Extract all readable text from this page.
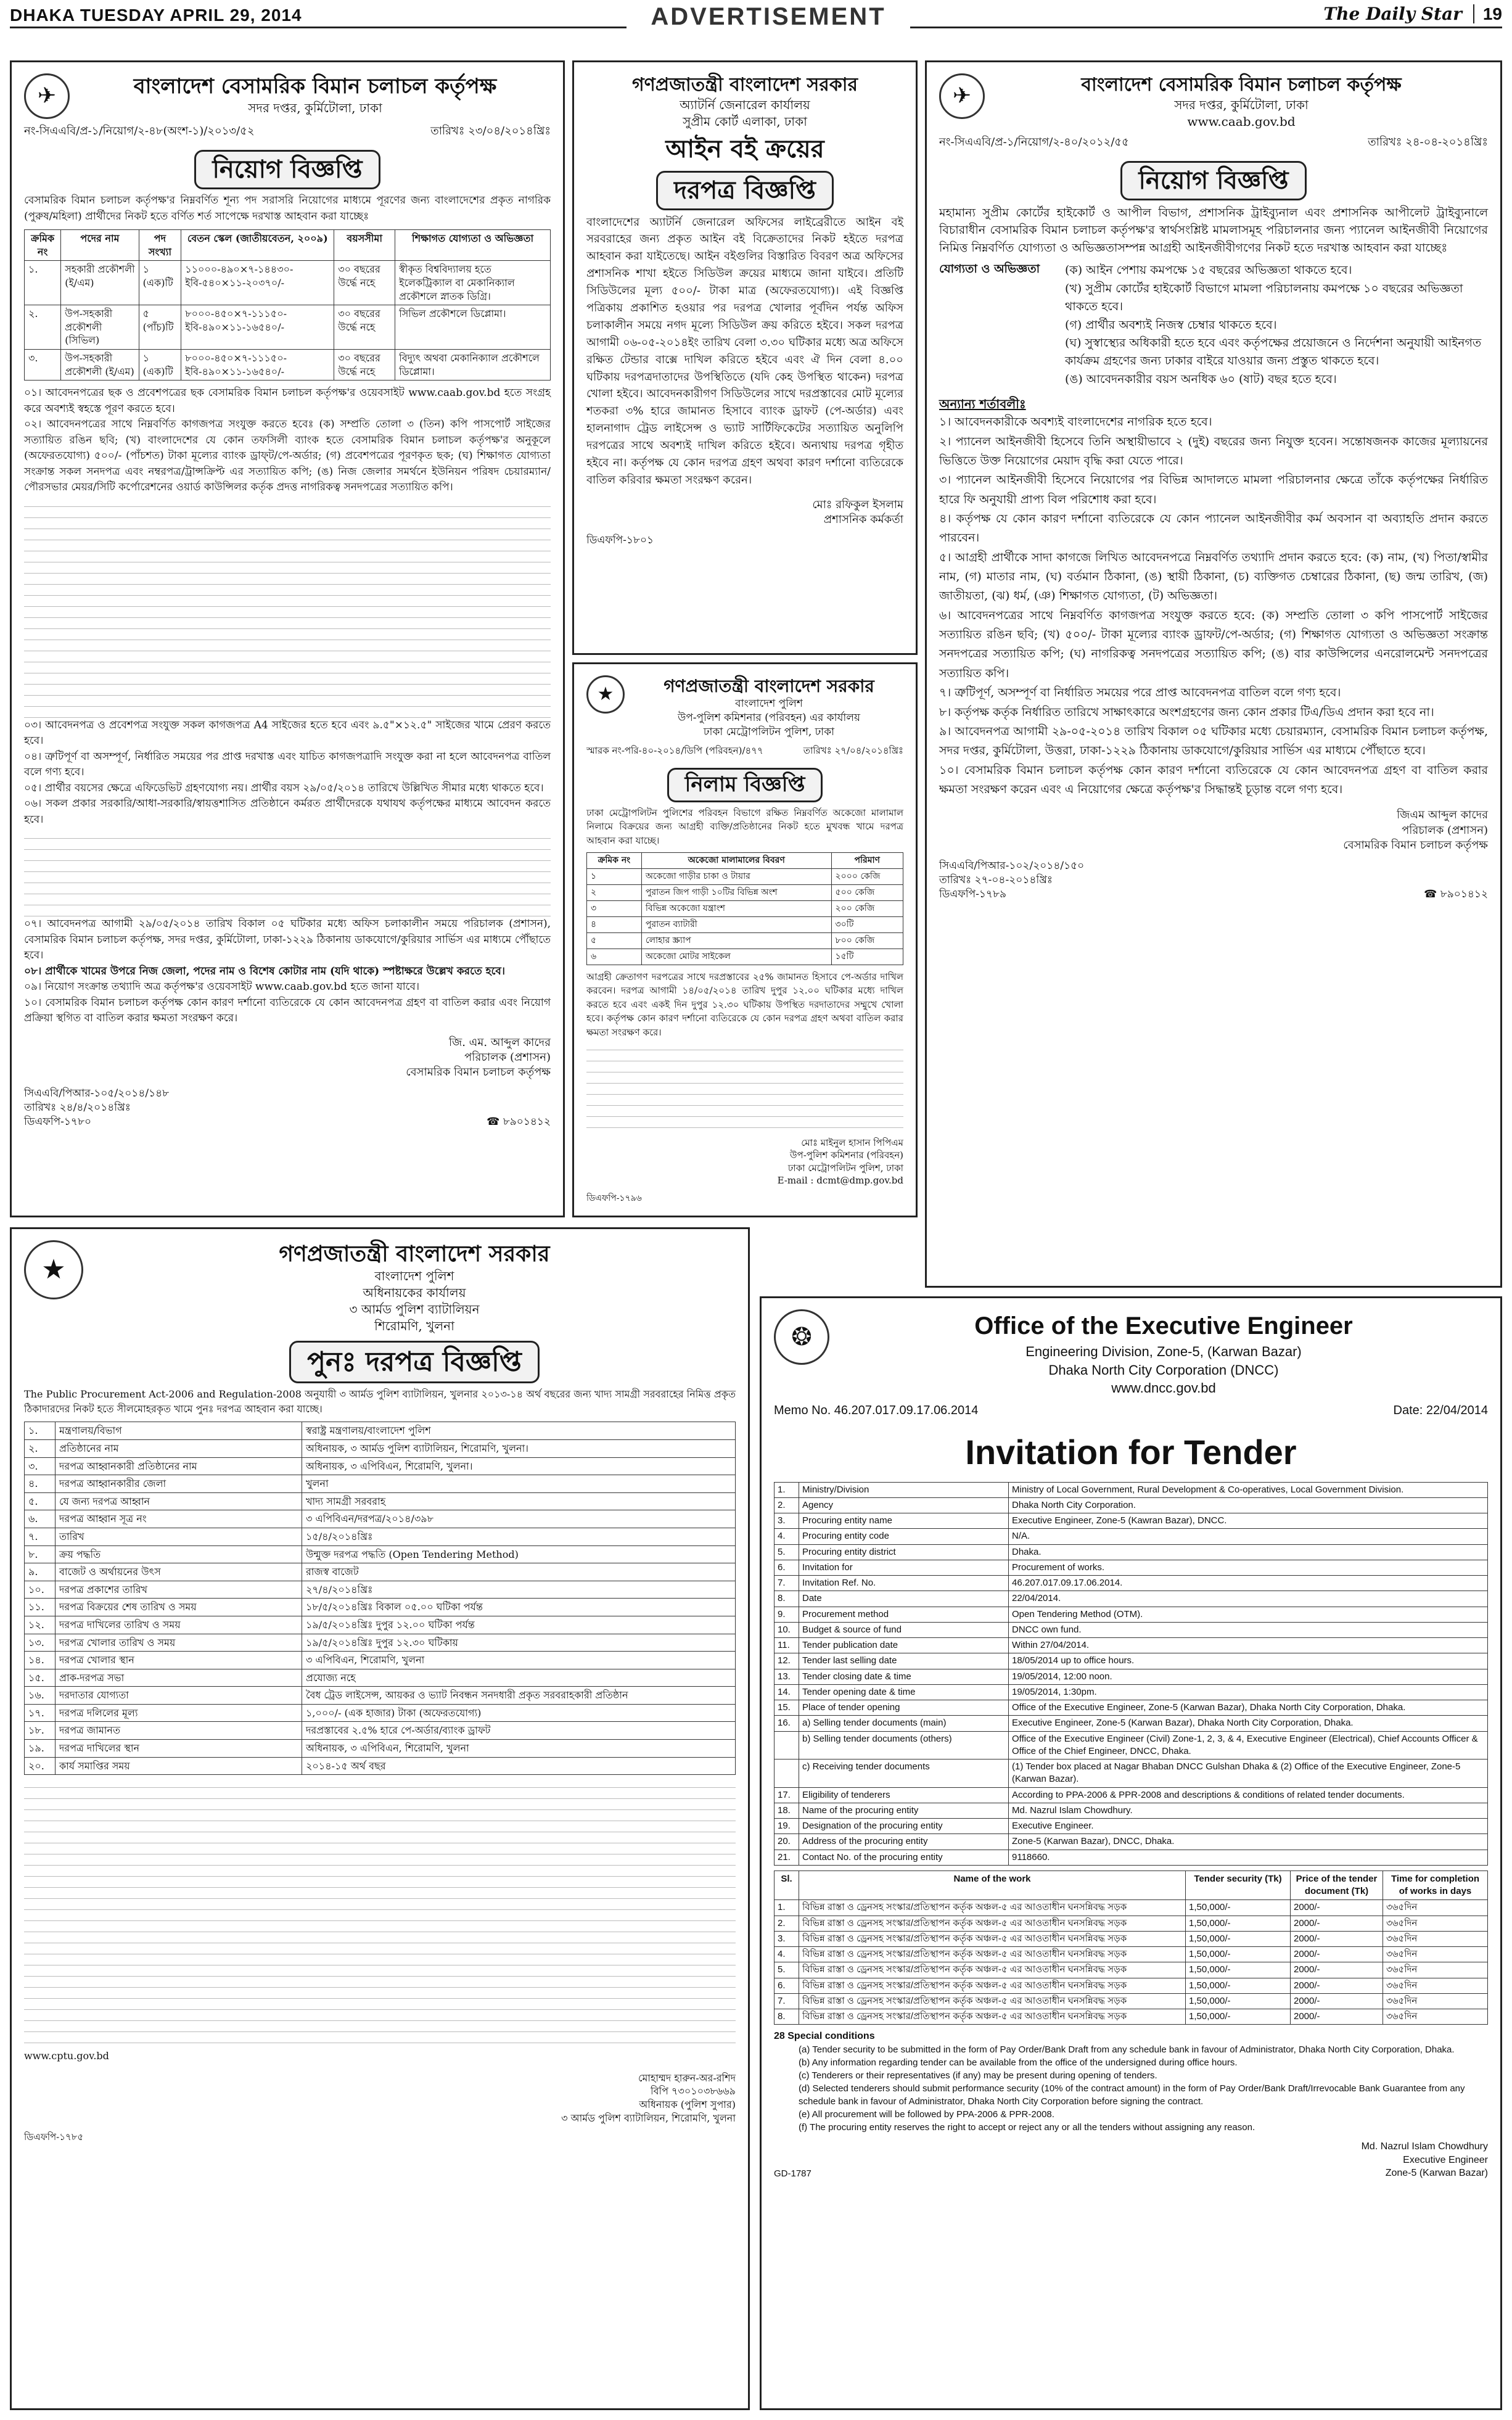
DHAKA TUESDAY APRIL 29, 2014	ADVERTISEMENT	The Daily Star 19
✈	বাংলাদেশ বেসামরিক বিমান চলাচল কর্তৃপক্ষ
সদর দপ্তর, কুর্মিটোলা, ঢাকা
নং-সিএএবি/প্র-১/নিয়োগ/২-৪৮(অংশ-১)/২০১৩/৫২	তারিখঃ ২৩/০৪/২০১৪খ্রিঃ
নিয়োগ বিজ্ঞপ্তি

বেসামরিক বিমান চলাচল কর্তৃপক্ষ'র নিম্নবর্ণিত শূন্য পদ সরাসরি নিয়োগের মাধ্যমে পূরণের জন্য বাংলাদেশের প্রকৃত নাগরিক (পুরুষ/মহিলা) প্রার্থীদের নিকট হতে বর্ণিত শর্ত সাপেক্ষে দরখাস্ত আহবান করা যাচ্ছেঃ

ক্রমিক নং	পদের নাম	পদ সংখ্যা	বেতন স্কেল (জাতীয়বেতন, ২০০৯)	বয়সসীমা	শিক্ষাগত যোগ্যতা ও অভিজ্ঞতা
১.	সহকারী প্রকৌশলী (ই/এম)	১ (এক)টি	১১০০০-৪৯০×৭-১৪৪৩০-ইবি-৫৪০×১১-২০৩৭০/-	৩০ বছরের উর্দ্ধে নহে	স্বীকৃত বিশ্ববিদ্যালয় হতে ইলেকট্রিক্যাল বা মেকানিক্যাল প্রকৌশলে স্নাতক ডিগ্রি।
২.	উপ-সহকারী প্রকৌশলী (সিভিল)	৫ (পাঁচ)টি	৮০০০-৪৫০×৭-১১১৫০-ইবি-৪৯০×১১-১৬৫৪০/-	৩০ বছরের উর্দ্ধে নহে	সিভিল প্রকৌশলে ডিপ্লোমা।
৩.	উপ-সহকারী প্রকৌশলী (ই/এম)	১ (এক)টি	৮০০০-৪৫০×৭-১১১৫০-ইবি-৪৯০×১১-১৬৫৪০/-	৩০ বছরের উর্দ্ধে নহে	বিদ্যুৎ অথবা মেকানিক্যাল প্রকৌশলে ডিপ্লোমা।

০১। আবেদনপত্রের ছক ও প্রবেশপত্রের ছক বেসামরিক বিমান চলাচল কর্তৃপক্ষ'র ওয়েবসাইট www.caab.gov.bd হতে সংগ্রহ করে অবশ্যই স্বহস্তে পূরণ করতে হবে।

০২। আবেদনপত্রের সাথে নিম্নবর্ণিত কাগজপত্র সংযুক্ত করতে হবেঃ (ক) সম্প্রতি তোলা ৩ (তিন) কপি পাসপোর্ট সাইজের সত্যায়িত রঙিন ছবি; (খ) বাংলাদেশের যে কোন তফসিলী ব্যাংক হতে বেসামরিক বিমান চলাচল কর্তৃপক্ষ'র অনুকূলে (অফেরতযোগ্য) ৫০০/- (পাঁচশত) টাকা মূল্যের ব্যাংক ড্রাফ্‌ট/পে-অর্ডার; (গ) প্রবেশপত্রের পূরণকৃত ছক; (ঘ) শিক্ষাগত যোগ্যতা সংক্রান্ত সকল সনদপত্র এবং নম্বরপত্র/ট্রান্সক্রিপ্ট এর সত্যায়িত কপি; (ঙ) নিজ জেলার সমর্থনে ইউনিয়ন পরিষদ চেয়ারম্যান/পৌরসভার মেয়র/সিটি কর্পোরেশনের ওয়ার্ড কাউন্সিলর কর্তৃক প্রদত্ত নাগরিকত্ব সনদপত্রের সত্যায়িত কপি।

০৩। আবেদনপত্র ও প্রবেশপত্র সংযুক্ত সকল কাগজপত্র A4 সাইজের হতে হবে এবং ৯.৫"×১২.৫" সাইজের খামে প্রেরণ করতে হবে।

০৪। ত্রুটিপূর্ণ বা অসম্পূর্ণ, নির্ধারিত সময়ের পর প্রাপ্ত দরখাস্ত এবং যাচিত কাগজপত্রাদি সংযুক্ত করা না হলে আবেদনপত্র বাতিল বলে গণ্য হবে।

০৫। প্রার্থীর বয়সের ক্ষেত্রে এফিডেভিট গ্রহণযোগ্য নয়। প্রার্থীর বয়স ২৯/০৫/২০১৪ তারিখে উল্লিখিত সীমার মধ্যে থাকতে হবে।

০৬। সকল প্রকার সরকারি/আধা-সরকারি/স্বায়ত্তশাসিত প্রতিষ্ঠানে কর্মরত প্রার্থীদেরকে যথাযথ কর্তৃপক্ষের মাধ্যমে আবেদন করতে হবে।

০৭। আবেদনপত্র আগামী ২৯/০৫/২০১৪ তারিখ বিকাল ০৫ ঘটিকার মধ্যে অফিস চলাকালীন সময়ে পরিচালক (প্রশাসন), বেসামরিক বিমান চলাচল কর্তৃপক্ষ, সদর দপ্তর, কুর্মিটোলা, ঢাকা-১২২৯ ঠিকানায় ডাকযোগে/কুরিয়ার সার্ভিস এর মাধ্যমে পৌঁছাতে হবে।

০৮। প্রার্থীকে খামের উপরে নিজ জেলা, পদের নাম ও বিশেষ কোটার নাম (যদি থাকে) স্পষ্টাক্ষরে উল্লেখ করতে হবে।

০৯। নিয়োগ সংক্রান্ত তথ্যাদি অত্র কর্তৃপক্ষ'র ওয়েবসাইট www.caab.gov.bd হতে জানা যাবে।

১০। বেসামরিক বিমান চলাচল কর্তৃপক্ষ কোন কারণ দর্শানো ব্যতিরেকে যে কোন আবেদনপত্র গ্রহণ বা বাতিল করার এবং নিয়োগ প্রক্রিয়া স্থগিত বা বাতিল করার ক্ষমতা সংরক্ষণ করে।

জি. এম. আব্দুল কাদের
পরিচালক (প্রশাসন)
বেসামরিক বিমান চলাচল কর্তৃপক্ষ
সিএএবি/পিআর-১০৫/২০১৪/১৪৮
তারিখঃ ২৪/৪/২০১৪খ্রিঃ
ডিএফপি-১৭৮০	☎ ৮৯০১৪১২
গণপ্রজাতন্ত্রী বাংলাদেশ সরকার
অ্যাটর্নি জেনারেল কার্যালয়
সুপ্রীম কোর্ট এলাকা, ঢাকা
আইন বই ক্রয়ের
দরপত্র বিজ্ঞপ্তি

বাংলাদেশের অ্যাটর্নি জেনারেল অফিসের লাইব্রেরীতে আইন বই সরবরাহের জন্য প্রকৃত আইন বই বিক্রেতাদের নিকট হইতে দরপত্র আহবান করা যাইতেছে। আইন বইগুলির বিস্তারিত বিবরণ অত্র অফিসের প্রশাসনিক শাখা হইতে সিডিউল ক্রয়ের মাধ্যমে জানা যাইবে। প্রতিটি সিডিউলের মূল্য ৫০০/- টাকা মাত্র (অফেরতযোগ্য)। এই বিজ্ঞপ্তি পত্রিকায় প্রকাশিত হওয়ার পর দরপত্র খোলার পূর্বদিন পর্যন্ত অফিস চলাকালীন সময়ে নগদ মূল্যে সিডিউল ক্রয় করিতে হইবে। সকল দরপত্র আগামী ০৬-০৫-২০১৪ইং তারিখ বেলা ৩.৩০ ঘটিকার মধ্যে অত্র অফিসে রক্ষিত টেন্ডার বাক্সে দাখিল করিতে হইবে এবং ঐ দিন বেলা ৪.০০ ঘটিকায় দরপত্রদাতাদের উপস্থিতিতে (যদি কেহ উপস্থিত থাকেন) দরপত্র খোলা হইবে। আবেদনকারীগণ সিডিউলের সাথে দরপ্রস্তাবের মোট মূল্যের শতকরা ৩% হারে জামানত হিসাবে ব্যাংক ড্রাফট (পে-অর্ডার) এবং হালনাগাদ ট্রেড লাইসেন্স ও ভ্যাট সার্টিফিকেটের সত্যায়িত অনুলিপি দরপত্রের সাথে অবশ্যই দাখিল করিতে হইবে। অন্যথায় দরপত্র গৃহীত হইবে না। কর্তৃপক্ষ যে কোন দরপত্র গ্রহণ অথবা কারণ দর্শানো ব্যতিরেকে বাতিল করিবার ক্ষমতা সংরক্ষণ করেন।

মোঃ রফিকুল ইসলাম
প্রশাসনিক কর্মকর্তা
ডিএফপি-১৮০১
★	গণপ্রজাতন্ত্রী বাংলাদেশ সরকার
বাংলাদেশ পুলিশ
উপ-পুলিশ কমিশনার (পরিবহন) এর কার্যালয়
ঢাকা মেট্রোপলিটন পুলিশ, ঢাকা
স্মারক নং-পরি-৪০-২০১৪/ডিপি (পরিবহন)/৪৭৭	তারিখঃ ২৭/০৪/২০১৪খ্রিঃ
নিলাম বিজ্ঞপ্তি

ঢাকা মেট্রোপলিটন পুলিশের পরিবহন বিভাগে রক্ষিত নিম্নবর্ণিত অকেজো মালামাল নিলামে বিক্রয়ের জন্য আগ্রহী ব্যক্তি/প্রতিষ্ঠানের নিকট হতে মুখবন্ধ খামে দরপত্র আহবান করা যাচ্ছে।

ক্রমিক নং	অকেজো মালামালের বিবরণ	পরিমাণ
১	অকেজো গাড়ীর চাকা ও টায়ার	২০০০ কেজি
২	পুরাতন জিপ গাড়ী ১০টির বিভিন্ন অংশ	৫০০ কেজি
৩	বিভিন্ন অকেজো যন্ত্রাংশ	২০০ কেজি
৪	পুরাতন ব্যাটারী	৩০টি
৫	লোহার স্ক্র্যাপ	৮০০ কেজি
৬	অকেজো মোটর সাইকেল	১৫টি

আগ্রহী ক্রেতাগণ দরপত্রের সাথে দরপ্রস্তাবের ২৫% জামানত হিসাবে পে-অর্ডার দাখিল করবেন। দরপত্র আগামী ১৪/০৫/২০১৪ তারিখ দুপুর ১২.০০ ঘটিকার মধ্যে দাখিল করতে হবে এবং একই দিন দুপুর ১২.৩০ ঘটিকায় উপস্থিত দরদাতাদের সম্মুখে খোলা হবে। কর্তৃপক্ষ কোন কারণ দর্শানো ব্যতিরেকে যে কোন দরপত্র গ্রহণ অথবা বাতিল করার ক্ষমতা সংরক্ষণ করে।

মোঃ মাইনুল হাসান পিপিএম
উপ-পুলিশ কমিশনার (পরিবহন)
ঢাকা মেট্রোপলিটন পুলিশ, ঢাকা
E-mail : dcmt@dmp.gov.bd
ডিএফপি-১৭৯৬
✈	বাংলাদেশ বেসামরিক বিমান চলাচল কর্তৃপক্ষ
সদর দপ্তর, কুর্মিটোলা, ঢাকা
www.caab.gov.bd
নং-সিএএবি/প্র-১/নিয়োগ/২-৪০/২০১২/৫৫	তারিখঃ ২৪-০৪-২০১৪খ্রিঃ
নিয়োগ বিজ্ঞপ্তি

মহামান্য সুপ্রীম কোর্টের হাইকোর্ট ও আপীল বিভাগ, প্রশাসনিক ট্রাইব্যুনাল এবং প্রশাসনিক আপীলেট ট্রাইব্যুনালে বিচারাধীন বেসামরিক বিমান চলাচল কর্তৃপক্ষ'র স্বার্থসংশ্লিষ্ট মামলাসমূহ পরিচালনার জন্য প্যানেল আইনজীবী নিয়োগের নিমিত্ত নিম্নবর্ণিত যোগ্যতা ও অভিজ্ঞতাসম্পন্ন আগ্রহী আইনজীবীগণের নিকট হতে দরখাস্ত আহবান করা যাচ্ছেঃ

যোগ্যতা ও অভিজ্ঞতা	(ক) আইন পেশায় কমপক্ষে ১৫ বছরের অভিজ্ঞতা থাকতে হবে।
(খ) সুপ্রীম কোর্টের হাইকোর্ট বিভাগে মামলা পরিচালনায় কমপক্ষে ১০ বছরের অভিজ্ঞতা থাকতে হবে।
(গ) প্রার্থীর অবশ্যই নিজস্ব চেম্বার থাকতে হবে।
(ঘ) সুস্বাস্থ্যের অধিকারী হতে হবে এবং কর্তৃপক্ষের প্রয়োজনে ও নির্দেশনা অনুযায়ী আইনগত কার্যক্রম গ্রহণের জন্য ঢাকার বাইরে যাওয়ার জন্য প্রস্তুত থাকতে হবে।
(ঙ) আবেদনকারীর বয়স অনধিক ৬০ (ষাট) বছর হতে হবে।
অন্যান্য শর্তাবলীঃ

১। আবেদনকারীকে অবশ্যই বাংলাদেশের নাগরিক হতে হবে।

২। প্যানেল আইনজীবী হিসেবে তিনি অস্থায়ীভাবে ২ (দুই) বছরের জন্য নিযুক্ত হবেন। সন্তোষজনক কাজের মূল্যায়নের ভিত্তিতে উক্ত নিয়োগের মেয়াদ বৃদ্ধি করা যেতে পারে।

৩। প্যানেল আইনজীবী হিসেবে নিয়োগের পর বিভিন্ন আদালতে মামলা পরিচালনার ক্ষেত্রে তাঁকে কর্তৃপক্ষের নির্ধারিত হারে ফি অনুযায়ী প্রাপ্য বিল পরিশোধ করা হবে।

৪। কর্তৃপক্ষ যে কোন কারণ দর্শানো ব্যতিরেকে যে কোন প্যানেল আইনজীবীর কর্ম অবসান বা অব্যাহতি প্রদান করতে পারবেন।

৫। আগ্রহী প্রার্থীকে সাদা কাগজে লিখিত আবেদনপত্রে নিম্নবর্ণিত তথ্যাদি প্রদান করতে হবে: (ক) নাম, (খ) পিতা/স্বামীর নাম, (গ) মাতার নাম, (ঘ) বর্তমান ঠিকানা, (ঙ) স্থায়ী ঠিকানা, (চ) ব্যক্তিগত চেম্বারের ঠিকানা, (ছ) জন্ম তারিখ, (জ) জাতীয়তা, (ঝ) ধর্ম, (ঞ) শিক্ষাগত যোগ্যতা, (ট) অভিজ্ঞতা।

৬। আবেদনপত্রের সাথে নিম্নবর্ণিত কাগজপত্র সংযুক্ত করতে হবে: (ক) সম্প্রতি তোলা ৩ কপি পাসপোর্ট সাইজের সত্যায়িত রঙিন ছবি; (খ) ৫০০/- টাকা মূল্যের ব্যাংক ড্রাফট/পে-অর্ডার; (গ) শিক্ষাগত যোগ্যতা ও অভিজ্ঞতা সংক্রান্ত সনদপত্রের সত্যায়িত কপি; (ঘ) নাগরিকত্ব সনদপত্রের সত্যায়িত কপি; (ঙ) বার কাউন্সিলের এনরোলমেন্ট সনদপত্রের সত্যায়িত কপি।

৭। ত্রুটিপূর্ণ, অসম্পূর্ণ বা নির্ধারিত সময়ের পরে প্রাপ্ত আবেদনপত্র বাতিল বলে গণ্য হবে।

৮। কর্তৃপক্ষ কর্তৃক নির্ধারিত তারিখে সাক্ষাৎকারে অংশগ্রহণের জন্য কোন প্রকার টিএ/ডিএ প্রদান করা হবে না।

৯। আবেদনপত্র আগামী ২৯-০৫-২০১৪ তারিখ বিকাল ০৫ ঘটিকার মধ্যে চেয়ারম্যান, বেসামরিক বিমান চলাচল কর্তৃপক্ষ, সদর দপ্তর, কুর্মিটোলা, উত্তরা, ঢাকা-১২২৯ ঠিকানায় ডাকযোগে/কুরিয়ার সার্ভিস এর মাধ্যমে পৌঁছাতে হবে।

১০। বেসামরিক বিমান চলাচল কর্তৃপক্ষ কোন কারণ দর্শানো ব্যতিরেকে যে কোন আবেদনপত্র গ্রহণ বা বাতিল করার ক্ষমতা সংরক্ষণ করেন এবং এ নিয়োগের ক্ষেত্রে কর্তৃপক্ষ'র সিদ্ধান্তই চূড়ান্ত বলে গণ্য হবে।

জিএম আব্দুল কাদের
পরিচালক (প্রশাসন)
বেসামরিক বিমান চলাচল কর্তৃপক্ষ
সিএএবি/পিআর-১০২/২০১৪/১৫০
তারিখঃ ২৭-০৪-২০১৪খ্রিঃ
ডিএফপি-১৭৮৯	☎ ৮৯০১৪১২
★
গণপ্রজাতন্ত্রী বাংলাদেশ সরকার
বাংলাদেশ পুলিশ
অধিনায়কের কার্যালয়
৩ আর্মড পুলিশ ব্যাটালিয়ন
শিরোমণি, খুলনা
পুনঃ দরপত্র বিজ্ঞপ্তি

The Public Procurement Act-2006 and Regulation-2008 অনুযায়ী ৩ আর্মড পুলিশ ব্যাটালিয়ন, খুলনার ২০১৩-১৪ অর্থ বছরের জন্য খাদ্য সামগ্রী সরবরাহের নিমিত্ত প্রকৃত ঠিকাদারদের নিকট হতে সীলমোহরকৃত খামে পুনঃ দরপত্র আহবান করা যাচ্ছে।

১.	মন্ত্রণালয়/বিভাগ	স্বরাষ্ট্র মন্ত্রণালয়/বাংলাদেশ পুলিশ
২.	প্রতিষ্ঠানের নাম	অধিনায়ক, ৩ আর্মড পুলিশ ব্যাটালিয়ন, শিরোমণি, খুলনা।
৩.	দরপত্র আহ্বানকারী প্রতিষ্ঠানের নাম	অধিনায়ক, ৩ এপিবিএন, শিরোমণি, খুলনা।
৪.	দরপত্র আহ্বানকারীর জেলা	খুলনা
৫.	যে জন্য দরপত্র আহ্বান	খাদ্য সামগ্রী সরবরাহ
৬.	দরপত্র আহ্বান সূত্র নং	৩ এপিবিএন/দরপত্র/২০১৪/৩৯৮
৭.	তারিখ	১৫/৪/২০১৪খ্রিঃ
৮.	ক্রয় পদ্ধতি	উন্মুক্ত দরপত্র পদ্ধতি (Open Tendering Method)
৯.	বাজেট ও অর্থায়নের উৎস	রাজস্ব বাজেট
১০.	দরপত্র প্রকাশের তারিখ	২৭/৪/২০১৪খ্রিঃ
১১.	দরপত্র বিক্রয়ের শেষ তারিখ ও সময়	১৮/৫/২০১৪খ্রিঃ বিকাল ০৫.০০ ঘটিকা পর্যন্ত
১২.	দরপত্র দাখিলের তারিখ ও সময়	১৯/৫/২০১৪খ্রিঃ দুপুর ১২.০০ ঘটিকা পর্যন্ত
১৩.	দরপত্র খোলার তারিখ ও সময়	১৯/৫/২০১৪খ্রিঃ দুপুর ১২.৩০ ঘটিকায়
১৪.	দরপত্র খোলার স্থান	৩ এপিবিএন, শিরোমণি, খুলনা
১৫.	প্রাক-দরপত্র সভা	প্রযোজ্য নহে
১৬.	দরদাতার যোগ্যতা	বৈধ ট্রেড লাইসেন্স, আয়কর ও ভ্যাট নিবন্ধন সনদধারী প্রকৃত সরবরাহকারী প্রতিষ্ঠান
১৭.	দরপত্র দলিলের মূল্য	১,০০০/- (এক হাজার) টাকা (অফেরতযোগ্য)
১৮.	দরপত্র জামানত	দরপ্রস্তাবের ২.৫% হারে পে-অর্ডার/ব্যাংক ড্রাফট
১৯.	দরপত্র দাখিলের স্থান	অধিনায়ক, ৩ এপিবিএন, শিরোমণি, খুলনা
২০.	কার্য সমাপ্তির সময়	২০১৪-১৫ অর্থ বছর
www.cptu.gov.bd
মোহাম্মদ হারুন-অর-রশিদ
বিপি ৭৩০১০৩৮৬৬৯
অধিনায়ক (পুলিশ সুপার)
৩ আর্মড পুলিশ ব্যাটালিয়ন, শিরোমণি, খুলনা
ডিএফপি-১৭৮৫
❂	Office of the Executive Engineer
Engineering Division, Zone-5, (Karwan Bazar)
Dhaka North City Corporation (DNCC)
www.dncc.gov.bd
Memo No. 46.207.017.09.17.06.2014	Date: 22/04/2014
Invitation for Tender
1.	Ministry/Division	Ministry of Local Government, Rural Development & Co-operatives, Local Government Division.
2.	Agency	Dhaka North City Corporation.
3.	Procuring entity name	Executive Engineer, Zone-5 (Kawran Bazar), DNCC.
4.	Procuring entity code	N/A.
5.	Procuring entity district	Dhaka.
6.	Invitation for	Procurement of works.
7.	Invitation Ref. No.	46.207.017.09.17.06.2014.
8.	Date	22/04/2014.
9.	Procurement method	Open Tendering Method (OTM).
10.	Budget & source of fund	DNCC own fund.
11.	Tender publication date	Within 27/04/2014.
12.	Tender last selling date	18/05/2014 up to office hours.
13.	Tender closing date & time	19/05/2014, 12:00 noon.
14.	Tender opening date & time	19/05/2014, 1:30pm.
15.	Place of tender opening	Office of the Executive Engineer, Zone-5 (Karwan Bazar), Dhaka North City Corporation, Dhaka.
16.	a) Selling tender documents (main)	Executive Engineer, Zone-5 (Karwan Bazar), Dhaka North City Corporation, Dhaka.
	b) Selling tender documents (others)	Office of the Executive Engineer (Civil) Zone-1, 2, 3, & 4, Executive Engineer (Electrical), Chief Accounts Officer & Office of the Chief Engineer, DNCC, Dhaka.
	c) Receiving tender documents	(1) Tender box placed at Nagar Bhaban DNCC Gulshan Dhaka & (2) Office of the Executive Engineer, Zone-5 (Karwan Bazar).
17.	Eligibility of tenderers	According to PPA-2006 & PPR-2008 and descriptions & conditions of related tender documents.
18.	Name of the procuring entity	Md. Nazrul Islam Chowdhury.
19.	Designation of the procuring entity	Executive Engineer.
20.	Address of the procuring entity	Zone-5 (Karwan Bazar), DNCC, Dhaka.
21.	Contact No. of the procuring entity	9118660.
Sl.	Name of the work	Tender security (Tk)	Price of the tender document (Tk)	Time for completion of works in days
1.	বিভিন্ন রাস্তা ও ড্রেনসহ সংস্কার/প্রতিস্থাপন কর্তৃক অঞ্চল-৫ এর আওতাধীন ঘনসন্নিবদ্ধ সড়ক	1,50,000/-	2000/-	৩৬৫দিন
2.	বিভিন্ন রাস্তা ও ড্রেনসহ সংস্কার/প্রতিস্থাপন কর্তৃক অঞ্চল-৫ এর আওতাধীন ঘনসন্নিবদ্ধ সড়ক	1,50,000/-	2000/-	৩৬৫দিন
3.	বিভিন্ন রাস্তা ও ড্রেনসহ সংস্কার/প্রতিস্থাপন কর্তৃক অঞ্চল-৫ এর আওতাধীন ঘনসন্নিবদ্ধ সড়ক	1,50,000/-	2000/-	৩৬৫দিন
4.	বিভিন্ন রাস্তা ও ড্রেনসহ সংস্কার/প্রতিস্থাপন কর্তৃক অঞ্চল-৫ এর আওতাধীন ঘনসন্নিবদ্ধ সড়ক	1,50,000/-	2000/-	৩৬৫দিন
5.	বিভিন্ন রাস্তা ও ড্রেনসহ সংস্কার/প্রতিস্থাপন কর্তৃক অঞ্চল-৫ এর আওতাধীন ঘনসন্নিবদ্ধ সড়ক	1,50,000/-	2000/-	৩৬৫দিন
6.	বিভিন্ন রাস্তা ও ড্রেনসহ সংস্কার/প্রতিস্থাপন কর্তৃক অঞ্চল-৫ এর আওতাধীন ঘনসন্নিবদ্ধ সড়ক	1,50,000/-	2000/-	৩৬৫দিন
7.	বিভিন্ন রাস্তা ও ড্রেনসহ সংস্কার/প্রতিস্থাপন কর্তৃক অঞ্চল-৫ এর আওতাধীন ঘনসন্নিবদ্ধ সড়ক	1,50,000/-	2000/-	৩৬৫দিন
8.	বিভিন্ন রাস্তা ও ড্রেনসহ সংস্কার/প্রতিস্থাপন কর্তৃক অঞ্চল-৫ এর আওতাধীন ঘনসন্নিবদ্ধ সড়ক	1,50,000/-	2000/-	৩৬৫দিন
28 Special conditions

(a) Tender security to be submitted in the form of Pay Order/Bank Draft from any schedule bank in favour of Administrator, Dhaka North City Corporation, Dhaka.

(b) Any information regarding tender can be available from the office of the undersigned during office hours.

(c) Tenderers or their representatives (if any) may be present during opening of tenders.

(d) Selected tenderers should submit performance security (10% of the contract amount) in the form of Pay Order/Bank Draft/Irrevocable Bank Guarantee from any schedule bank in favour of Administrator, Dhaka North City Corporation before signing the contract.

(e) All procurement will be followed by PPA-2006 & PPR-2008.

(f) The procuring entity reserves the right to accept or reject any or all the tenders without assigning any reason.

GD-1787
Md. Nazrul Islam Chowdhury
Executive Engineer
Zone-5 (Karwan Bazar)
